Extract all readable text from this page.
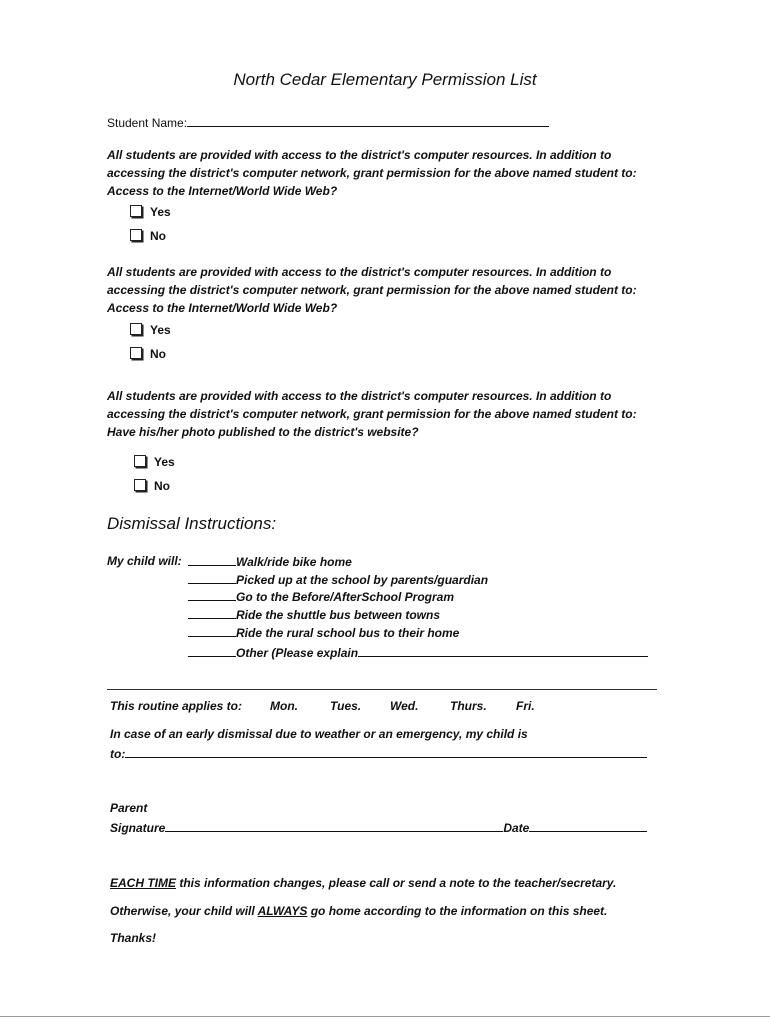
North Cedar Elementary Permission List
Student Name:
All students are provided with access to the district's computer resources. In addition to accessing the district's computer network, grant permission for the above named student to: Access to the Internet/World Wide Web?
Yes
No
All students are provided with access to the district's computer resources. In addition to accessing the district's computer network, grant permission for the above named student to: Access to the Internet/World Wide Web?
Yes
No
All students are provided with access to the district's computer resources. In addition to accessing the district's computer network, grant permission for the above named student to: Have his/her photo published to the district's website?
Yes
No
Dismissal Instructions:
My child will:	Walk/ride bike home
Picked up at the school by parents/guardian
Go to the Before/AfterSchool Program
Ride the shuttle bus between towns
Ride the rural school bus to their home
Other (Please explain
This routine applies to: Mon.	Tues. Wed.	Thurs. Fri.
In case of an early dismissal due to weather or an emergency, my child is
to:
Parent
Signature	Date
EACH TIME this information changes, please call or send a note to the teacher/secretary.
Otherwise, your child will ALWAYS go home according to the information on this sheet.
Thanks!
